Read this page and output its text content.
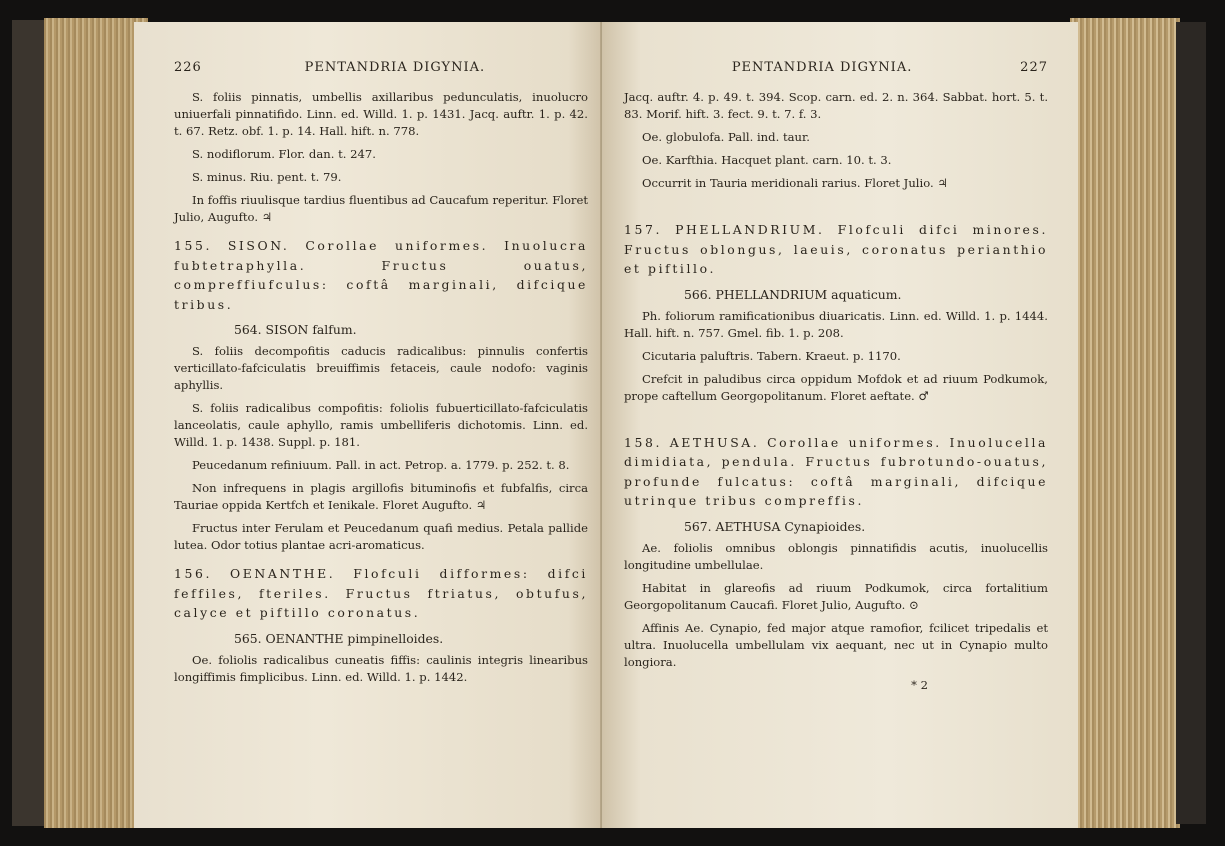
226	PENTANDRIA DIGYNIA.

S. foliis pinnatis, umbellis axillaribus pedunculatis, inuolucro uniuerfali pinnatifido. Linn. ed. Willd. 1. p. 1431. Jacq. auftr. 1. p. 42. t. 67. Retz. obf. 1. p. 14. Hall. hift. n. 778.

S. nodiflorum. Flor. dan. t. 247.

S. minus. Riu. pent. t. 79.

In foffis riuulisque tardius fluentibus ad Caucafum reperitur. Floret Julio, Augufto. ♃

155. SISON. Corollae uniformes. Inuolucra fubtetraphylla. Fructus ouatus, compreffiufculus: coftâ marginali, difcique tribus.
564. SISON falfum.

S. foliis decompofitis caducis radicalibus: pinnulis confertis verticillato-fafciculatis breuiffimis fetaceis, caule nodofo: vaginis aphyllis.

S. foliis radicalibus compofitis: foliolis fubuerticillato-fafciculatis lanceolatis, caule aphyllo, ramis umbelliferis dichotomis. Linn. ed. Willd. 1. p. 1438. Suppl. p. 181.

Peucedanum refiniuum. Pall. in act. Petrop. a. 1779. p. 252. t. 8.

Non infrequens in plagis argillofis bituminofis et fubfalfis, circa Tauriae oppida Kertfch et Ienikale. Floret Augufto. ♃

Fructus inter Ferulam et Peucedanum quafi medius. Petala pallide lutea. Odor totius plantae acri-aromaticus.

156. OENANTHE. Flofculi difformes: difci feffiles, fteriles. Fructus ftriatus, obtufus, calyce et piftillo coronatus.
565. OENANTHE pimpinelloides.

Oe. foliolis radicalibus cuneatis fiffis: caulinis integris linearibus longiffimis fimplicibus. Linn. ed. Willd. 1. p. 1442.

PENTANDRIA DIGYNIA.	227

Jacq. auftr. 4. p. 49. t. 394. Scop. carn. ed. 2. n. 364. Sabbat. hort. 5. t. 83. Morif. hift. 3. fect. 9. t. 7. f. 3.

Oe. globulofa. Pall. ind. taur.

Oe. Karfthia. Hacquet plant. carn. 10. t. 3.

Occurrit in Tauria meridionali rarius. Floret Julio. ♃

157. PHELLANDRIUM. Flofculi difci minores. Fructus oblongus, laeuis, coronatus perianthio et piftillo.
566. PHELLANDRIUM aquaticum.

Ph. foliorum ramificationibus diuaricatis. Linn. ed. Willd. 1. p. 1444. Hall. hift. n. 757. Gmel. fib. 1. p. 208.

Cicutaria paluftris. Tabern. Kraeut. p. 1170.

Crefcit in paludibus circa oppidum Mofdok et ad riuum Podkumok, prope caftellum Georgopolitanum. Floret aeftate. ♂

158. AETHUSA. Corollae uniformes. Inuolucella dimidiata, pendula. Fructus fubrotundo-ouatus, profunde fulcatus: coftâ marginali, difcique utrinque tribus compreffis.
567. AETHUSA Cynapioides.

Ae. foliolis omnibus oblongis pinnatifidis acutis, inuolucellis longitudine umbellulae.

Habitat in glareofis ad riuum Podkumok, circa fortalitium Georgopolitanum Caucafi. Floret Julio, Augufto. ⊙

Affinis Ae. Cynapio, fed major atque ramofior, fcilicet tripedalis et ultra. Inuolucella umbellulam vix aequant, nec ut in Cynapio multo longiora.

* 2
